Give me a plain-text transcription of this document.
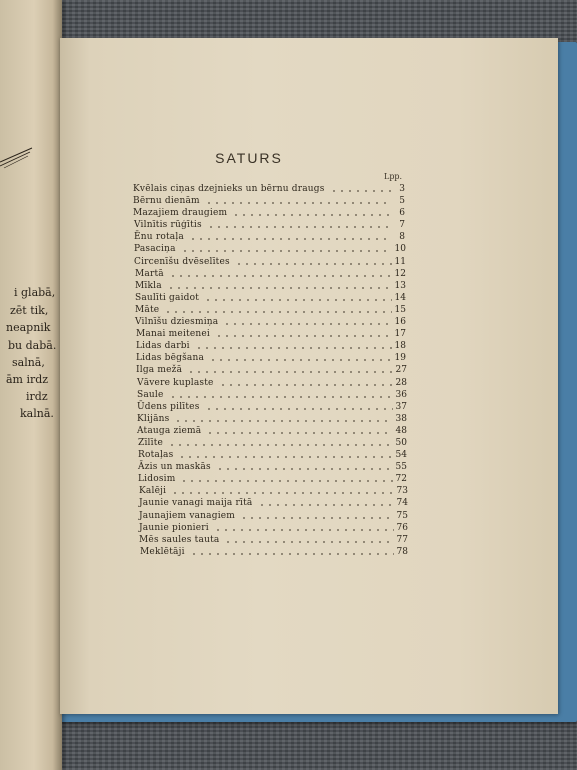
i glabā,
zēt tik,
neapnik
bu dabā.
salnā,
ām irdz
irdz
kalnā.
SATURS
Lpp.
Kvēlais ciņas dzejnieks un bērnu draugs	3
Bērnu dienām	5
Mazajiem draugiem	6
Vilnītis rūģītis	7
Ēnu rotaļa	8
Pasaciņa	10
Circenīšu dvēselītes	11
Martā	12
Mīkla	13
Saulīti gaidot	14
Māte	15
Vilnīšu dziesmiņa	16
Manai meitenei	17
Lidas darbi	18
Lidas bēgšana	19
Ilga mežā	27
Vāvere kuplaste	28
Saule	36
Ūdens pilītes	37
Klijāns	38
Atauga ziemā	48
Zīlīte	50
Rotaļas	54
Āzis un maskās	55
Lidosim	72
Kalēji	73
Jaunie vanagi maija rītā	74
Jaunajiem vanagiem	75
Jaunie pionieri	76
Mēs saules tauta	77
Meklētāji	78
